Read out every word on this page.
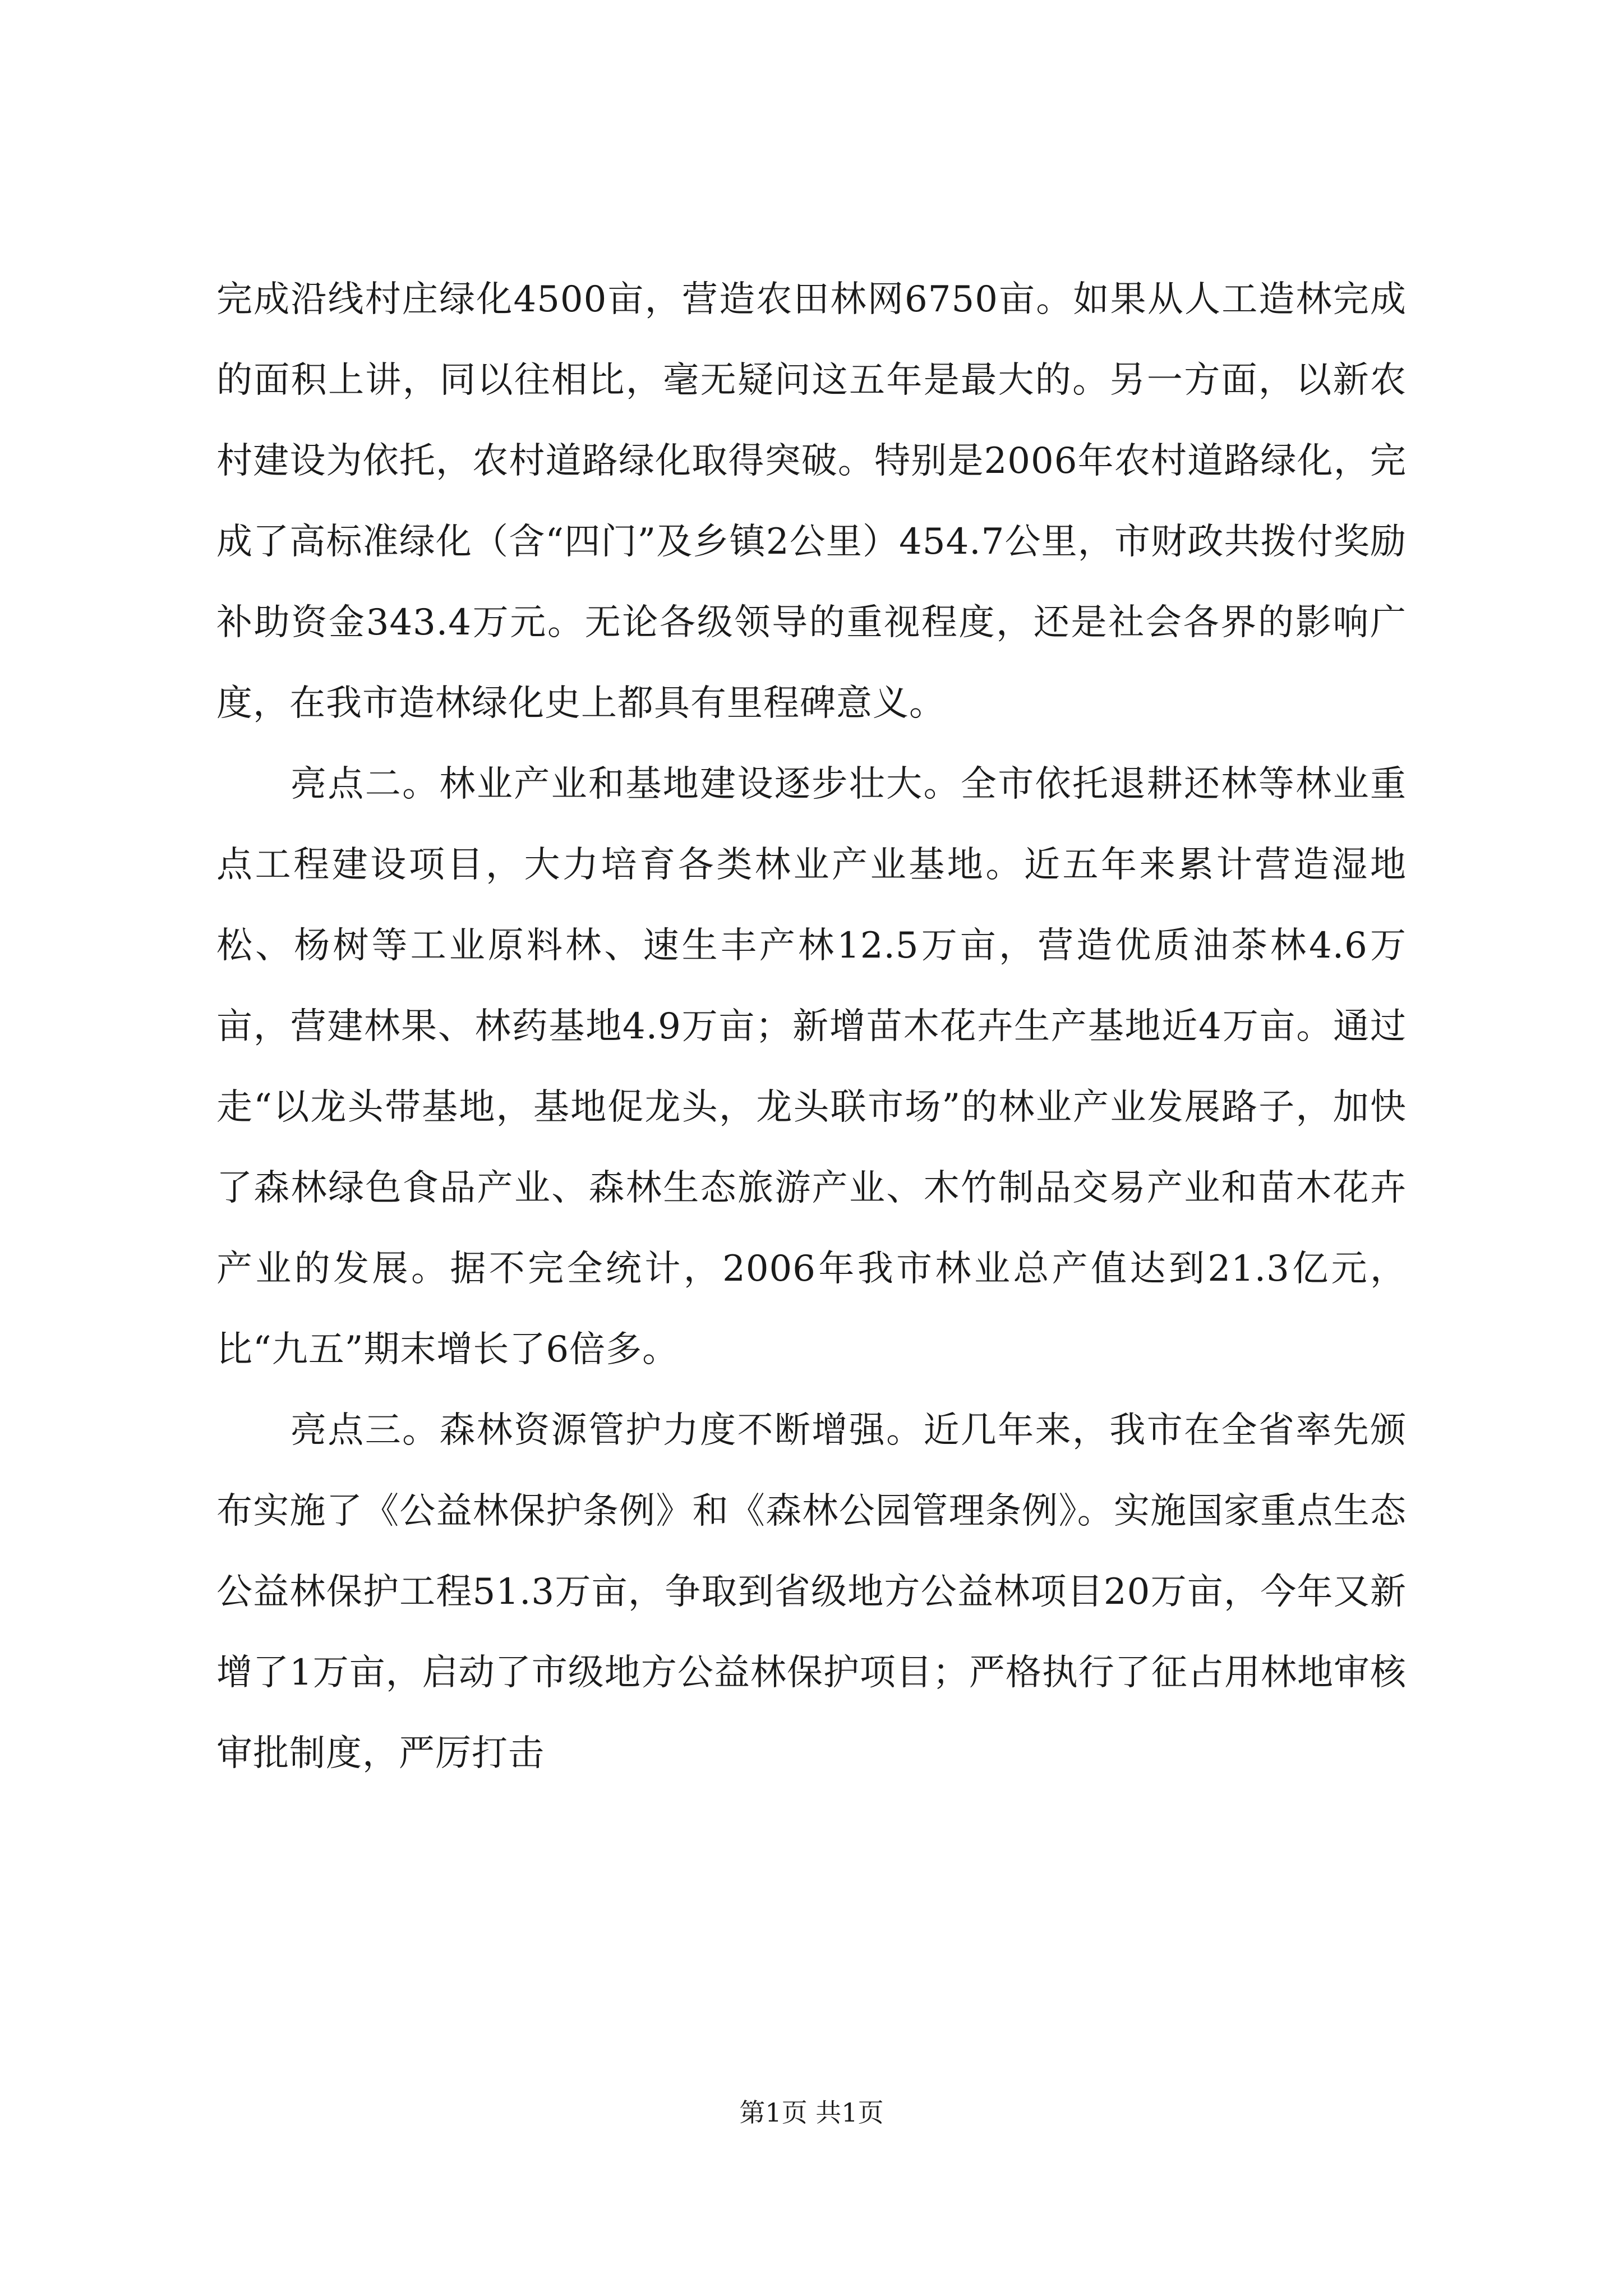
完成沿线村庄绿化4500亩，营造农田林网6750亩。如果从人工造林完成的面积上讲，同以往相比，毫无疑问这五年是最大的。另一方面，以新农村建设为依托，农村道路绿化取得突破。特别是2006年农村道路绿化，完成了高标准绿化（含“四门”及乡镇2公里）454.7公里，市财政共拨付奖励补助资金343.4万元。无论各级领导的重视程度，还是社会各界的影响广度，在我市造林绿化史上都具有里程碑意义。

亮点二。林业产业和基地建设逐步壮大。全市依托退耕还林等林业重点工程建设项目，大力培育各类林业产业基地。近五年来累计营造湿地松、杨树等工业原料林、速生丰产林12.5万亩，营造优质油茶林4.6万亩，营建林果、林药基地4.9万亩；新增苗木花卉生产基地近4万亩。通过走“以龙头带基地，基地促龙头，龙头联市场”的林业产业发展路子，加快了森林绿色食品产业、森林生态旅游产业、木竹制品交易产业和苗木花卉产业的发展。据不完全统计，2006年我市林业总产值达到21.3亿元，比“九五”期末增长了6倍多。

亮点三。森林资源管护力度不断增强。近几年来，我市在全省率先颁布实施了《公益林保护条例》和《森林公园管理条例》。实施国家重点生态公益林保护工程51.3万亩，争取到省级地方公益林项目20万亩，今年又新增了1万亩，启动了市级地方公益林保护项目；严格执行了征占用林地审核审批制度，严厉打击

第1页 共1页
